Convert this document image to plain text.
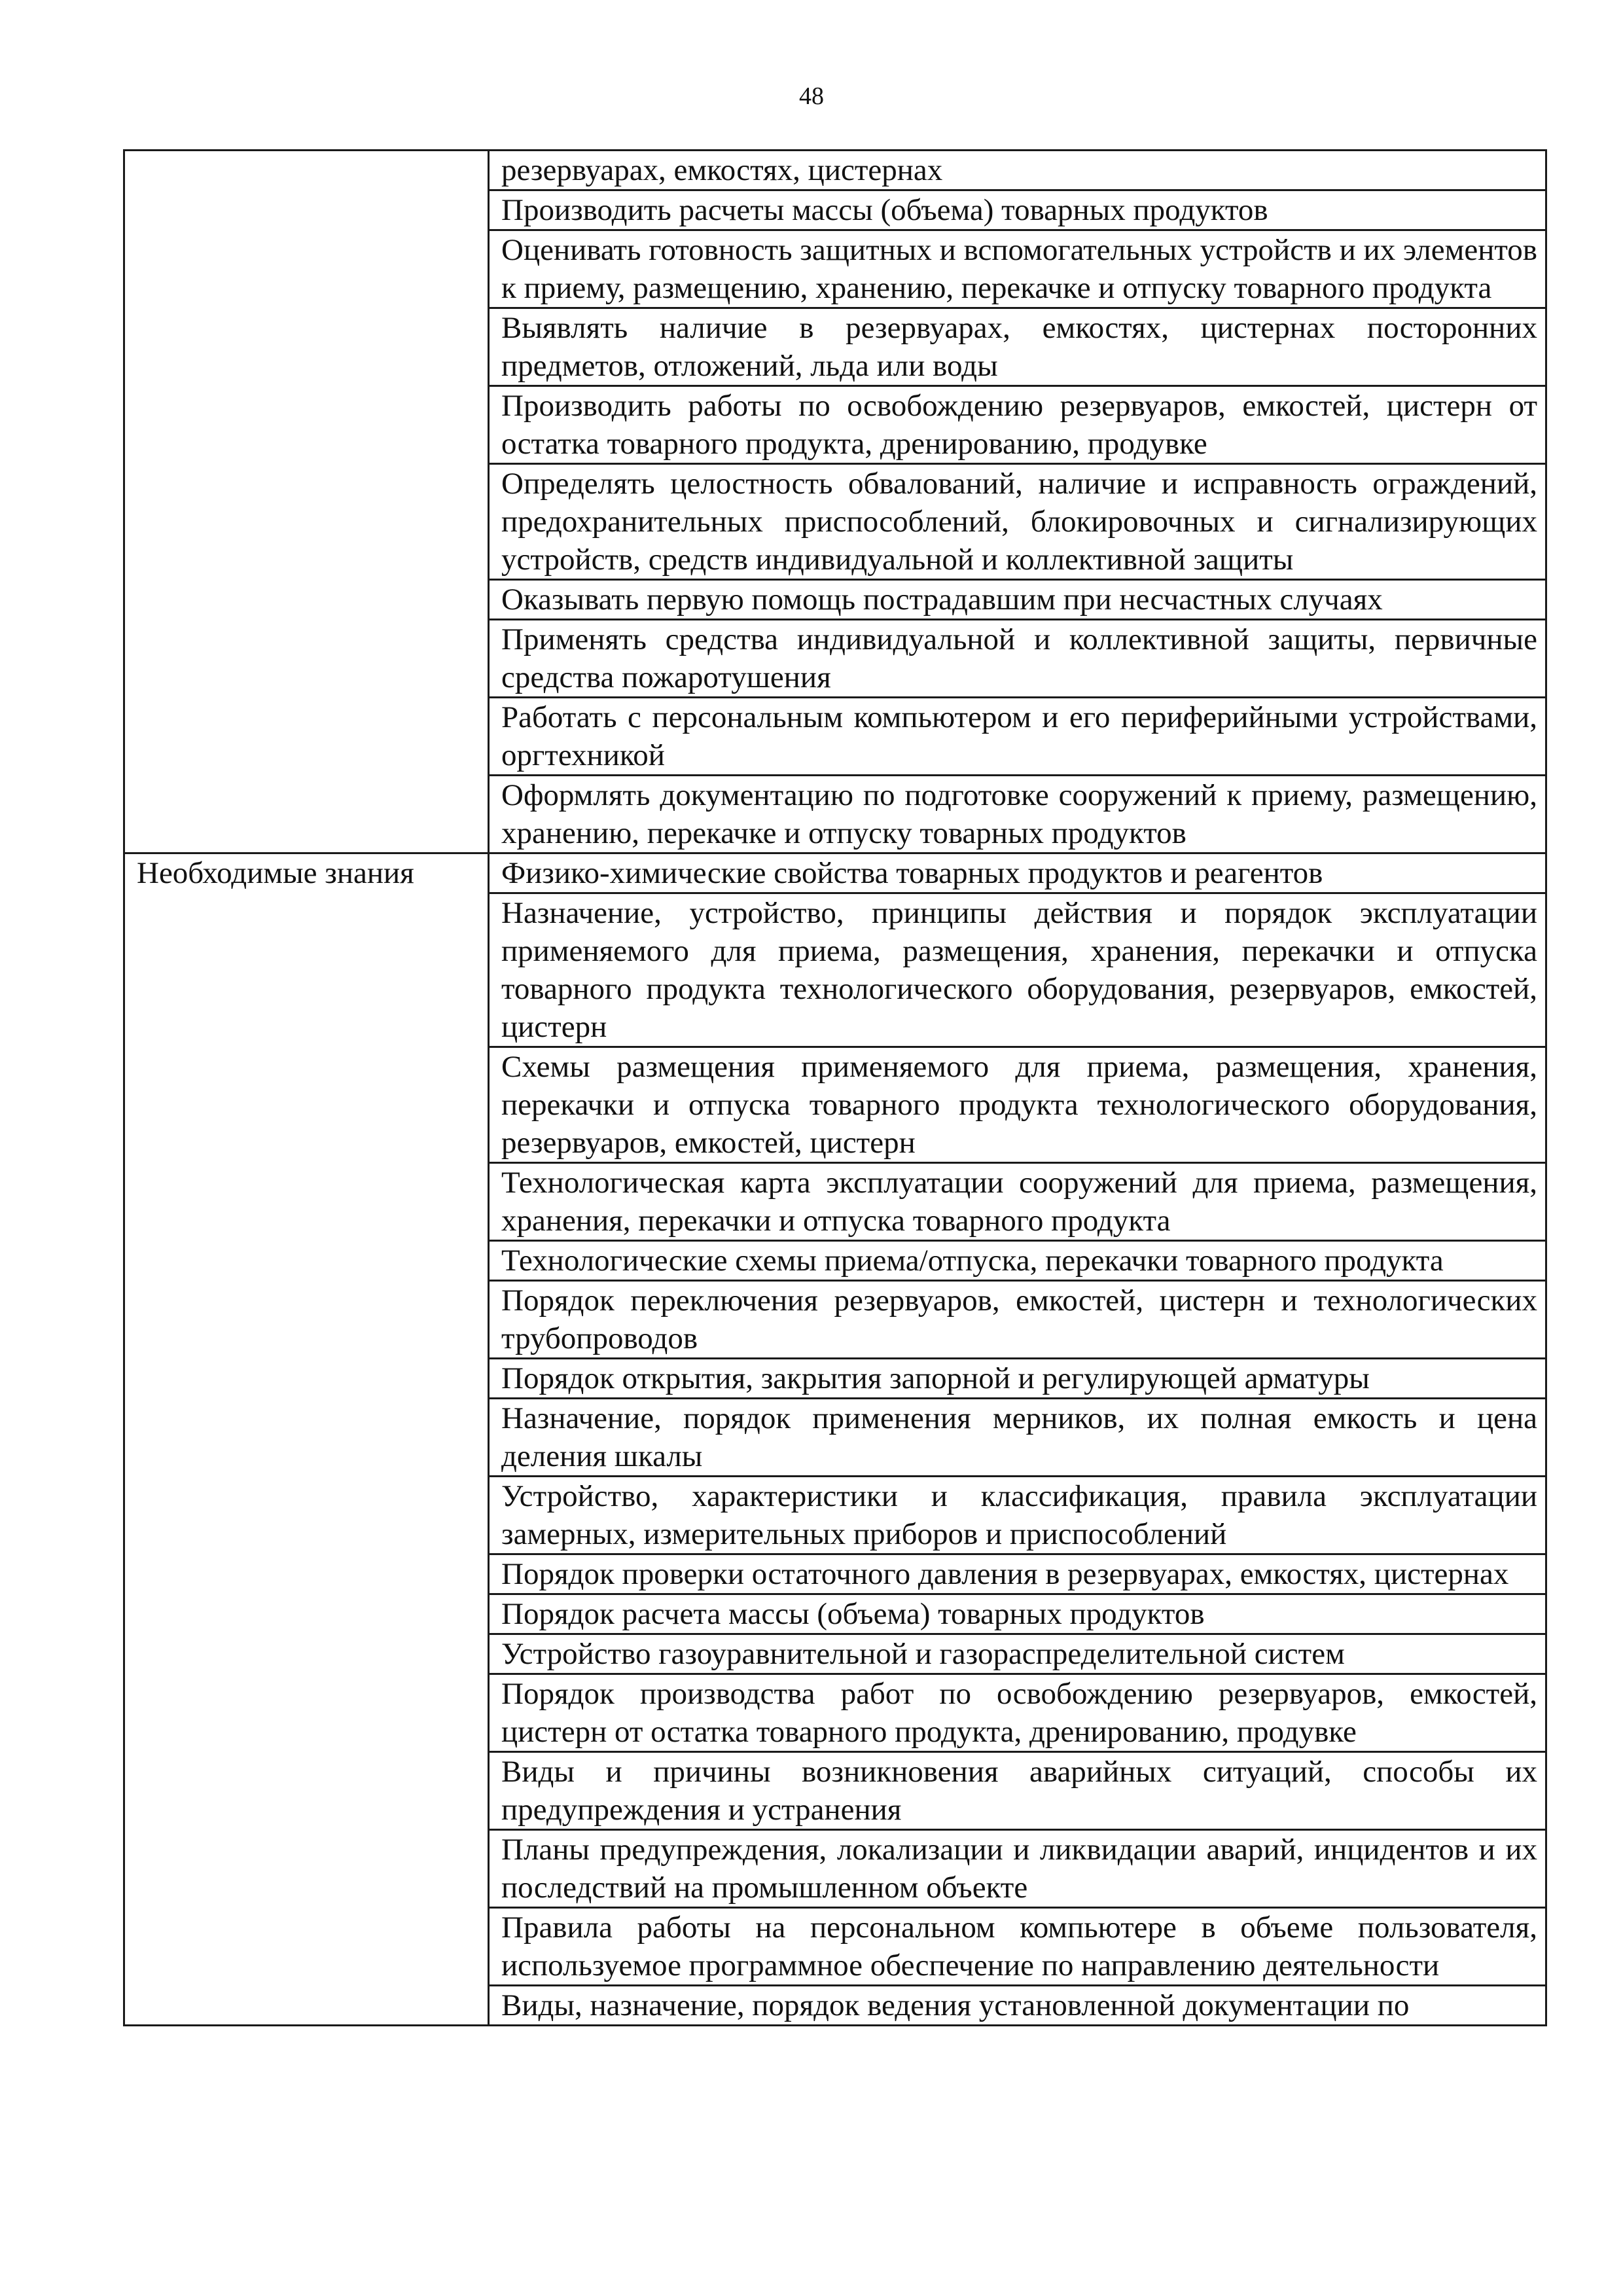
48
	резервуарах, емкостях, цистернах
	Производить расчеты массы (объема) товарных продуктов
	Оценивать готовность защитных и вспомогательных устройств и их элементов к приему, размещению, хранению, перекачке и отпуску товарного продукта
	Выявлять наличие в резервуарах, емкостях, цистернах посторонних предметов, отложений, льда или воды
	Производить работы по освобождению резервуаров, емкостей, цистерн от остатка товарного продукта, дренированию, продувке
	Определять целостность обвалований, наличие и исправность ограждений, предохранительных приспособлений, блокировочных и сигнализирующих устройств, средств индивидуальной и коллективной защиты
	Оказывать первую помощь пострадавшим при несчастных случаях
	Применять средства индивидуальной и коллективной защиты, первичные средства пожаротушения
	Работать с персональным компьютером и его периферийными устройствами, оргтехникой
	Оформлять документацию по подготовке сооружений к приему, размещению, хранению, перекачке и отпуску товарных продуктов

Необходимые знания	Физико-химические свойства товарных продуктов и реагентов
	Назначение, устройство, принципы действия и порядок эксплуатации применяемого для приема, размещения, хранения, перекачки и отпуска товарного продукта технологического оборудования, резервуаров, емкостей, цистерн
	Схемы размещения применяемого для приема, размещения, хранения, перекачки и отпуска товарного продукта технологического оборудования, резервуаров, емкостей, цистерн
	Технологическая карта эксплуатации сооружений для приема, размещения, хранения, перекачки и отпуска товарного продукта
	Технологические схемы приема/отпуска, перекачки товарного продукта
	Порядок переключения резервуаров, емкостей, цистерн и технологических трубопроводов
	Порядок открытия, закрытия запорной и регулирующей арматуры
	Назначение, порядок применения мерников, их полная емкость и цена деления шкалы
	Устройство, характеристики и классификация, правила эксплуатации замерных, измерительных приборов и приспособлений
	Порядок проверки остаточного давления в резервуарах, емкостях, цистернах
	Порядок расчета массы (объема) товарных продуктов
	Устройство газоуравнительной и газораспределительной систем
	Порядок производства работ по освобождению резервуаров, емкостей, цистерн от остатка товарного продукта, дренированию, продувке
	Виды и причины возникновения аварийных ситуаций, способы их предупреждения и устранения
	Планы предупреждения, локализации и ликвидации аварий, инцидентов и их последствий на промышленном объекте
	Правила работы на персональном компьютере в объеме пользователя, используемое программное обеспечение по направлению деятельности
	Виды, назначение, порядок ведения установленной документации по
